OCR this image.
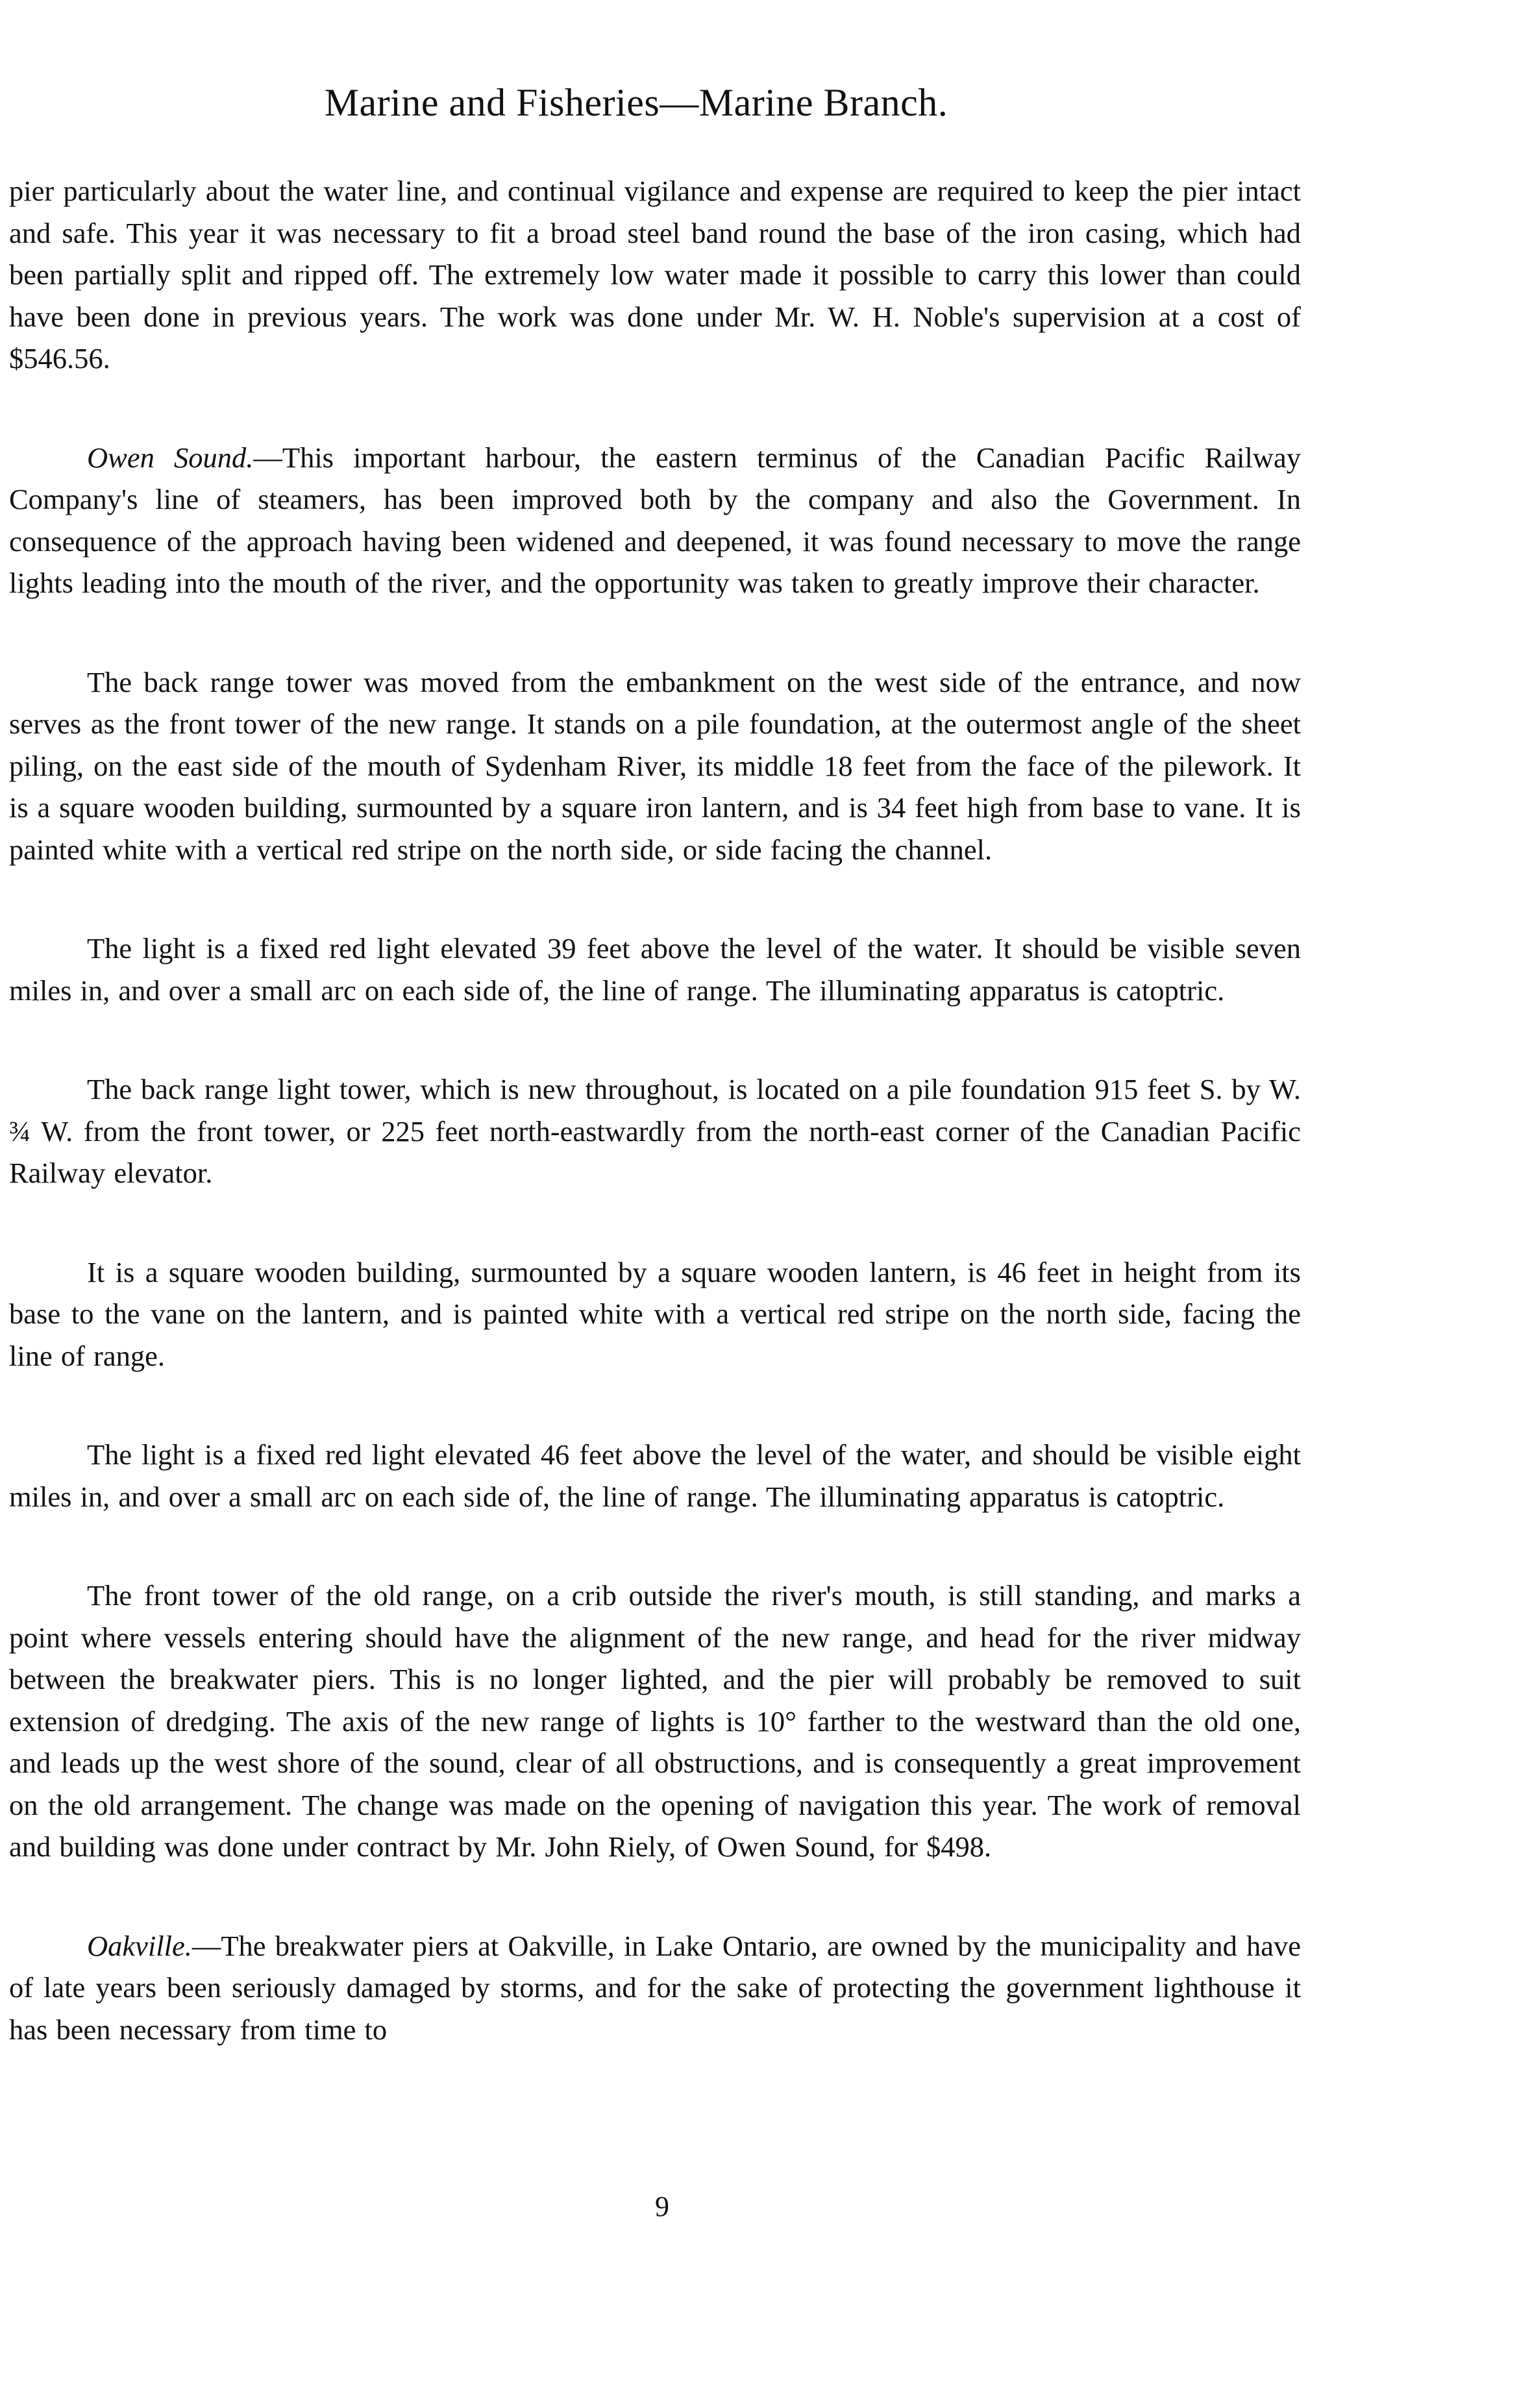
Marine and Fisheries—Marine Branch.

pier particularly about the water line, and continual vigilance and expense are required to keep the pier intact and safe. This year it was necessary to fit a broad steel band round the base of the iron casing, which had been partially split and ripped off. The extremely low water made it possible to carry this lower than could have been done in previous years. The work was done under Mr. W. H. Noble's supervision at a cost of $546.56.

Owen Sound.—This important harbour, the eastern terminus of the Canadian Pacific Railway Company's line of steamers, has been improved both by the company and also the Government. In consequence of the approach having been widened and deepened, it was found necessary to move the range lights leading into the mouth of the river, and the opportunity was taken to greatly improve their character.

The back range tower was moved from the embankment on the west side of the entrance, and now serves as the front tower of the new range. It stands on a pile foundation, at the outermost angle of the sheet piling, on the east side of the mouth of Sydenham River, its middle 18 feet from the face of the pilework. It is a square wooden building, surmounted by a square iron lantern, and is 34 feet high from base to vane. It is painted white with a vertical red stripe on the north side, or side facing the channel.

The light is a fixed red light elevated 39 feet above the level of the water. It should be visible seven miles in, and over a small arc on each side of, the line of range. The illuminating apparatus is catoptric.

The back range light tower, which is new throughout, is located on a pile foundation 915 feet S. by W. ¾ W. from the front tower, or 225 feet north-eastwardly from the north-east corner of the Canadian Pacific Railway elevator.

It is a square wooden building, surmounted by a square wooden lantern, is 46 feet in height from its base to the vane on the lantern, and is painted white with a vertical red stripe on the north side, facing the line of range.

The light is a fixed red light elevated 46 feet above the level of the water, and should be visible eight miles in, and over a small arc on each side of, the line of range. The illuminating apparatus is catoptric.

The front tower of the old range, on a crib outside the river's mouth, is still standing, and marks a point where vessels entering should have the alignment of the new range, and head for the river midway between the breakwater piers. This is no longer lighted, and the pier will probably be removed to suit extension of dredging. The axis of the new range of lights is 10° farther to the westward than the old one, and leads up the west shore of the sound, clear of all obstructions, and is consequently a great improvement on the old arrangement. The change was made on the opening of navigation this year. The work of removal and building was done under contract by Mr. John Riely, of Owen Sound, for $498.

Oakville.—The breakwater piers at Oakville, in Lake Ontario, are owned by the municipality and have of late years been seriously damaged by storms, and for the sake of protecting the government lighthouse it has been necessary from time to

9
